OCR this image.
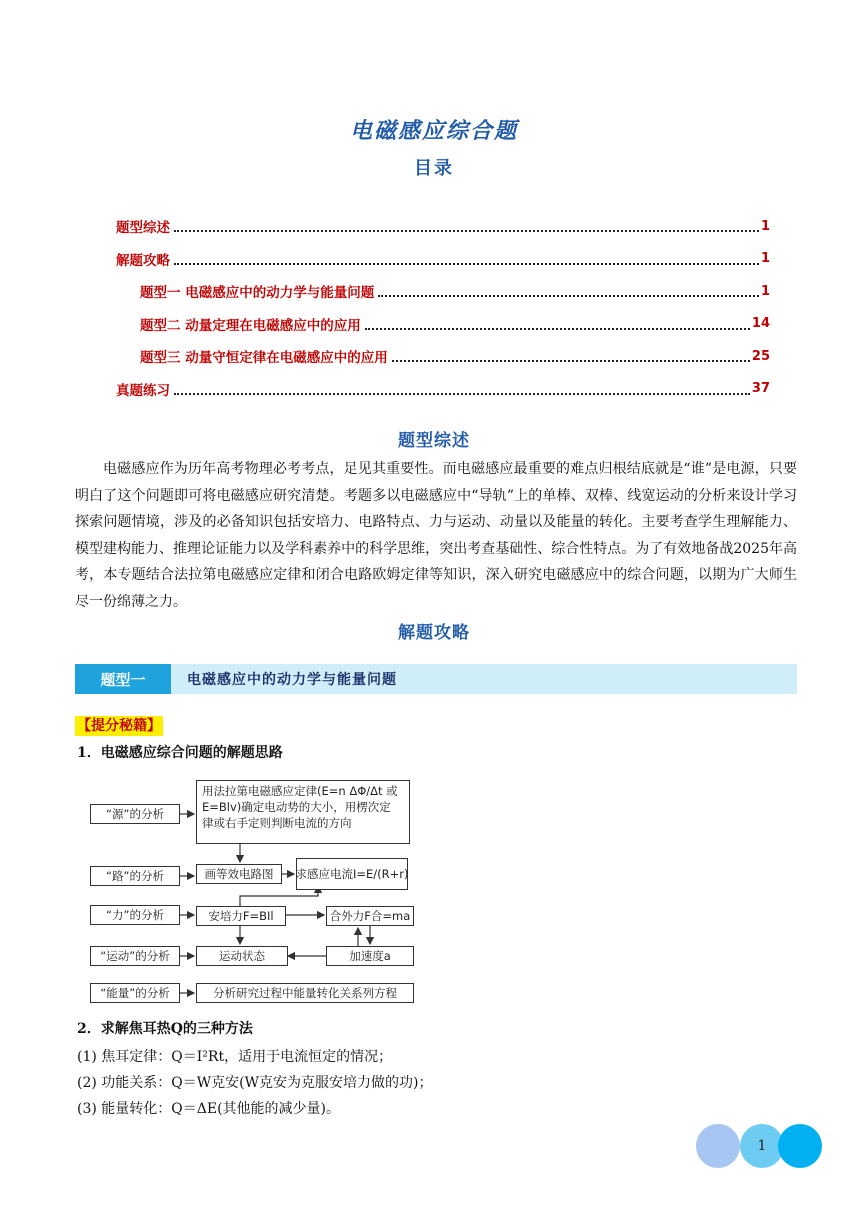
电磁感应综合题
目录
题型综述	1
解题攻略	1
题型一 电磁感应中的动力学与能量问题	1
题型二 动量定理在电磁感应中的应用	14
题型三 动量守恒定律在电磁感应中的应用	25
真题练习	37
题型综述
电磁感应作为历年高考物理必考考点，足见其重要性。而电磁感应最重要的难点归根结底就是“谁”是电源，只要明白了这个问题即可将电磁感应研究清楚。考题多以电磁感应中“导轨”上的单棒、双棒、线宽运动的分析来设计学习探索问题情境，涉及的必备知识包括安培力、电路特点、力与运动、动量以及能量的转化。主要考查学生理解能力、模型建构能力、推理论证能力以及学科素养中的科学思维，突出考查基础性、综合性特点。为了有效地备战2025年高考，本专题结合法拉第电磁感应定律和闭合电路欧姆定律等知识，深入研究电磁感应中的综合问题，以期为广大师生尽一份绵薄之力。
解题攻略
题型一	电磁感应中的动力学与能量问题
【提分秘籍】
1．电磁感应综合问题的解题思路
“源”的分析
用法拉第电磁感应定律(E=n ΔΦ/Δt 或
E=Blv)确定电动势的大小，用楞次定
律或右手定则判断电流的方向
“路”的分析	画等效电路图	求感应电流I=E/(R+r)
“力”的分析	安培力F=BIl	合外力F合=ma
“运动”的分析	运动状态	加速度a
“能量”的分析	分析研究过程中能量转化关系列方程
2．求解焦耳热Q的三种方法
(1) 焦耳定律：Q＝I²Rt，适用于电流恒定的情况；
(2) 功能关系：Q＝W克安(W克安为克服安培力做的功)；
(3) 能量转化：Q＝ΔE(其他能的减少量)。
1
